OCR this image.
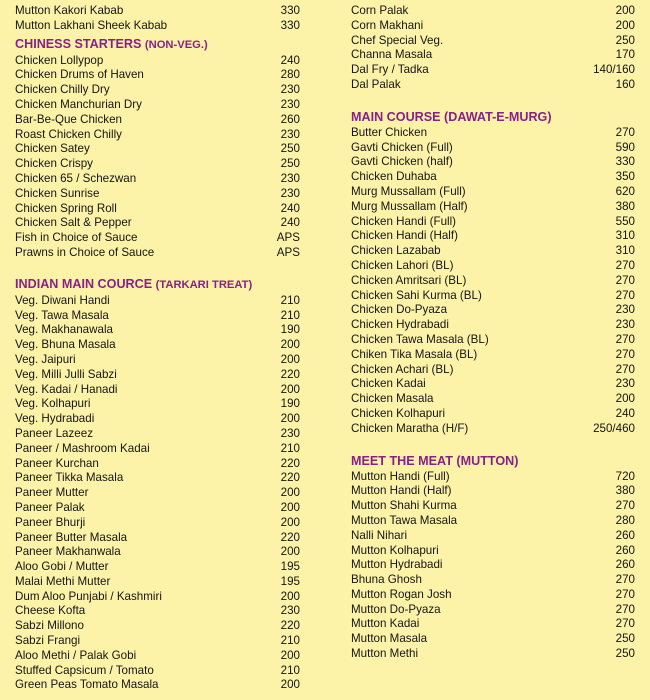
Mutton Kakori Kabab	330
Mutton Lakhani Sheek Kabab	330
CHINESS STARTERS (NON-VEG.)
Chicken Lollypop	240
Chicken Drums of Haven	280
Chicken Chilly Dry	230
Chicken Manchurian Dry	230
Bar-Be-Que Chicken	260
Roast Chicken Chilly	230
Chicken Satey	250
Chicken Crispy	250
Chicken 65 / Schezwan	230
Chicken Sunrise	230
Chicken Spring Roll	240
Chicken Salt & Pepper	240
Fish in Choice of Sauce	APS
Prawns in Choice of Sauce	APS
INDIAN MAIN COURCE (TARKARI TREAT)
Veg. Diwani Handi	210
Veg. Tawa Masala	210
Veg. Makhanawala	190
Veg. Bhuna Masala	200
Veg. Jaipuri	200
Veg. Milli Julli Sabzi	220
Veg. Kadai / Hanadi	200
Veg. Kolhapuri	190
Veg. Hydrabadi	200
Paneer Lazeez	230
Paneer / Mashroom Kadai	210
Paneer Kurchan	220
Paneer Tikka Masala	220
Paneer Mutter	200
Paneer Palak	200
Paneer Bhurji	200
Paneer Butter Masala	220
Paneer Makhanwala	200
Aloo Gobi / Mutter	195
Malai Methi Mutter	195
Dum Aloo Punjabi / Kashmiri	200
Cheese Kofta	230
Sabzi Millono	220
Sabzi Frangi	210
Aloo Methi / Palak Gobi	200
Stuffed Capsicum / Tomato	210
Green Peas Tomato Masala	200
Corn Palak	200
Corn Makhani	200
Chef Special Veg.	250
Channa Masala	170
Dal Fry / Tadka	140/160
Dal Palak	160
MAIN COURSE (DAWAT-E-MURG)
Butter Chicken	270
Gavti Chicken (Full)	590
Gavti Chicken (half)	330
Chicken Duhaba	350
Murg Mussallam (Full)	620
Murg Mussallam (Half)	380
Chicken Handi (Full)	550
Chicken Handi (Half)	310
Chicken Lazabab	310
Chicken Lahori (BL)	270
Chicken Amritsari (BL)	270
Chicken Sahi Kurma (BL)	270
Chicken Do-Pyaza	230
Chicken Hydrabadi	230
Chicken Tawa Masala (BL)	270
Chiken Tika Masala (BL)	270
Chicken Achari (BL)	270
Chicken Kadai	230
Chicken Masala	200
Chicken Kolhapuri	240
Chicken Maratha (H/F)	250/460
MEET THE MEAT (MUTTON)
Mutton Handi (Full)	720
Mutton Handi (Half)	380
Mutton Shahi Kurma	270
Mutton Tawa Masala	280
Nalli Nihari	260
Mutton Kolhapuri	260
Mutton Hydrabadi	260
Bhuna Ghosh	270
Mutton Rogan Josh	270
Mutton Do-Pyaza	270
Mutton Kadai	270
Mutton Masala	250
Mutton Methi	250
